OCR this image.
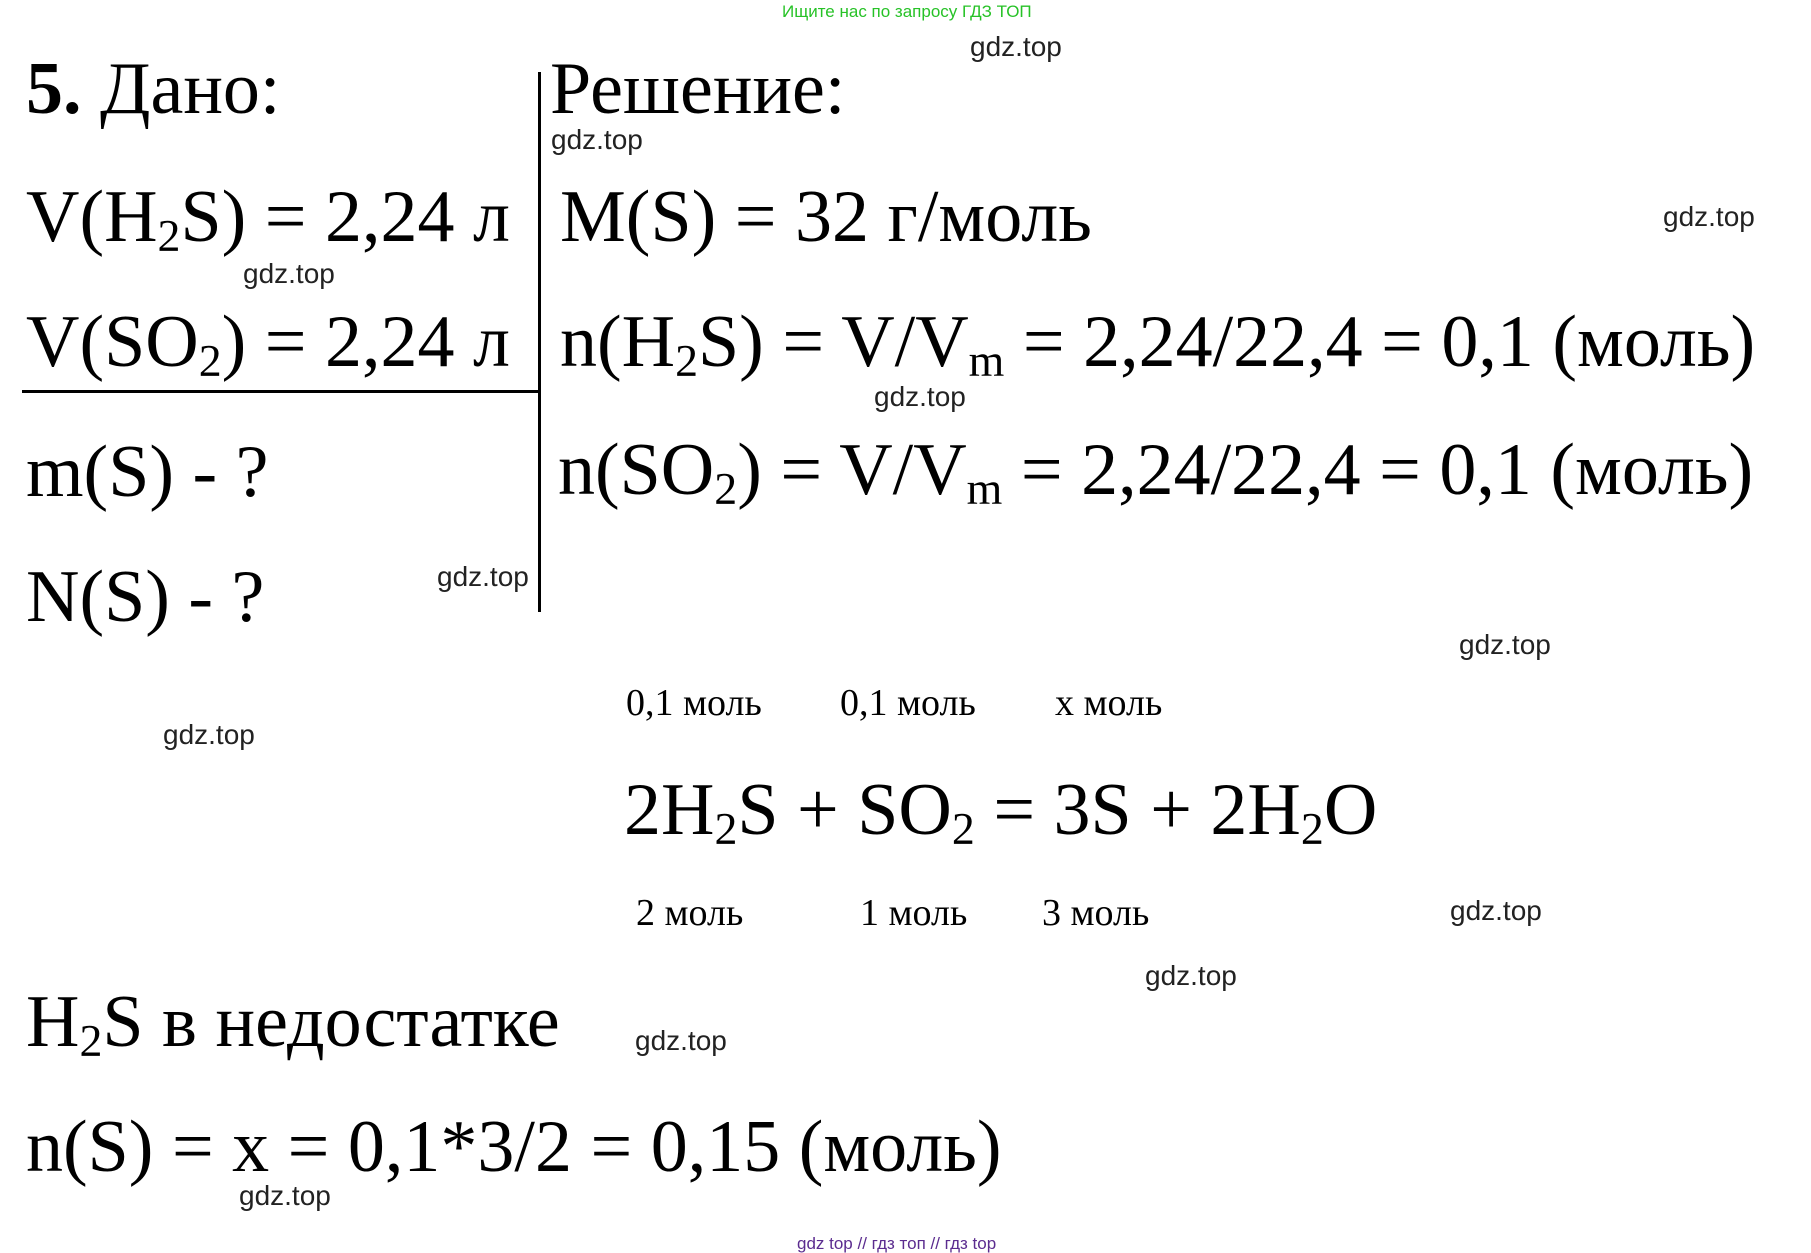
Ищите нас по запросу ГДЗ ТОП
5. Дано:
$V(H_2S) = 2,24$ л
$V(SO_2) = 2,24$ л
m(S) - ?
N(S) - ?
Решение:
M(S) = 32 г/моль
$n(H_2S) = V/V_m = 2,24/22,4 = 0,1$ (моль)
$n(SO_2) = V/V_m = 2,24/22,4 = 0,1$ (моль)
0,1 моль 0,1 моль x моль
$2H_2S + SO_2 = 3S + 2H_2O$
2 моль	1 моль 3 моль
$H_2S$ в недостатке
n(S) = x = 0,1*3/2 = 0,15 (моль)
gdz.top
gdz.top
gdz.top
gdz.top
gdz.top
gdz.top
gdz.top
gdz.top
gdz.top
gdz.top
gdz.top
gdz.top
gdz top // гдз топ // гдз top
